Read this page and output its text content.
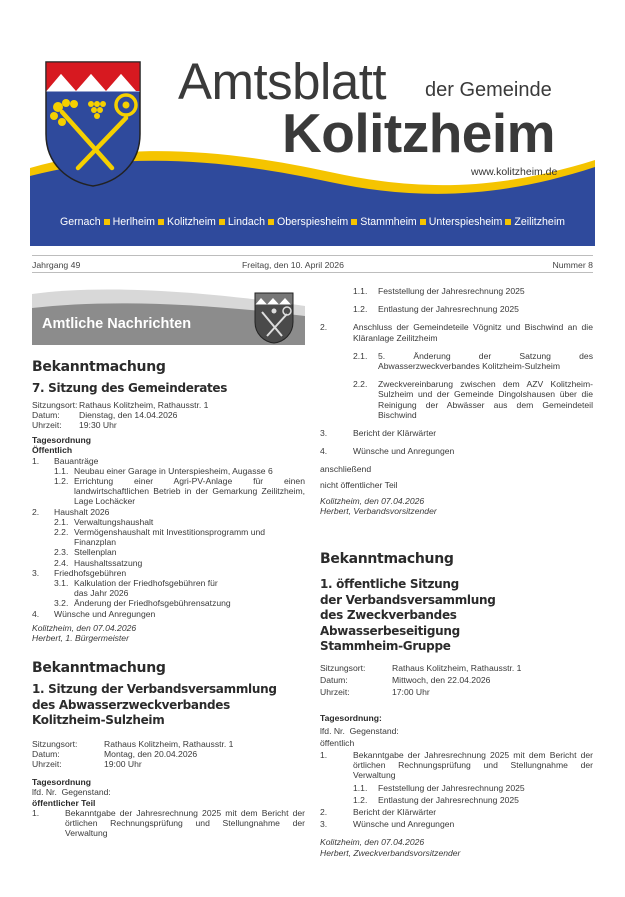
Amtsblatt der Gemeinde
Kolitzheim
www.kolitzheim.de
Gernach Herlheim Kolitzheim Lindach Oberspiesheim Stammheim Unterspiesheim Zeilitzheim
Jahrgang 49	Freitag, den 10. April 2026	Nummer 8
Amtliche Nachrichten
Bekanntmachung
7. Sitzung des Gemeinderates
Sitzungsort: Rathaus Kolitzheim, Rathausstr. 1
Datum:	Dienstag, den 14.04.2026
Uhrzeit:	19:30 Uhr
Tagesordnung
Öffentlich
1.	Bauanträge
1.1. Neubau einer Garage in Unterspiesheim, Augasse 6
1.2. Errichtung einer Agri-PV-Anlage für einen landwirtschaftlichen Betrieb in der Gemarkung Zeilitzheim, Lage Lochäcker
2.	Haushalt 2026
2.1. Verwaltungshaushalt
2.2. Vermögenshaushalt mit Investitionsprogramm und Finanzplan
2.3. Stellenplan
2.4. Haushaltssatzung
3.	Friedhofsgebühren
3.1. Kalkulation der Friedhofsgebühren für das Jahr 2026
3.2. Änderung der Friedhofsgebührensatzung
4.	Wünsche und Anregungen
Kolitzheim, den 07.04.2026
Herbert, 1. Bürgermeister
Bekanntmachung
1. Sitzung der Verbandsversammlung
des Abwasserzweckverbandes
Kolitzheim-Sulzheim
Sitzungsort:	Rathaus Kolitzheim, Rathausstr. 1
Datum:	Montag, den 20.04.2026
Uhrzeit:	19:00 Uhr
Tagesordnung
lfd. Nr.  Gegenstand:
öffentlicher Teil
1.	Bekanntgabe der Jahresrechnung 2025 mit dem Bericht der örtlichen Rechnungsprüfung und Stellungnahme der Verwaltung
1.1.	Feststellung der Jahresrechnung 2025
1.2.	Entlastung der Jahresrechnung 2025
2.	Anschluss der Gemeindeteile Vögnitz und Bischwind an die Kläranlage Zeilitzheim
2.1.	5. Änderung der Satzung des Abwasserzweckverbandes Kolitzheim-Sulzheim
2.2.	Zweckvereinbarung zwischen dem AZV Kolitzheim-Sulzheim und der Gemeinde Dingolshausen über die Reinigung der Abwässer aus dem Gemeindeteil Bischwind
3.	Bericht der Klärwärter
4.	Wünsche und Anregungen
anschließend
nicht öffentlicher Teil
Kolitzheim, den 07.04.2026
Herbert, Verbandsvorsitzender
Bekanntmachung
1. öffentliche Sitzung
der Verbandsversammlung
des Zweckverbandes Abwasserbeseitigung
Stammheim-Gruppe
Sitzungsort:	Rathaus Kolitzheim, Rathausstr. 1
Datum:	Mittwoch, den 22.04.2026
Uhrzeit:	17:00 Uhr
Tagesordnung:
lfd. Nr.  Gegenstand:
öffentlich
1.	Bekanntgabe der Jahresrechnung 2025 mit dem Bericht der örtlichen Rechnungsprüfung und Stellungnahme der Verwaltung
1.1.	Feststellung der Jahresrechnung 2025
1.2.	Entlastung der Jahresrechnung 2025
2.	Bericht der Klärwärter
3.	Wünsche und Anregungen
Kolitzheim, den 07.04.2026
Herbert, Zweckverbandsvorsitzender
